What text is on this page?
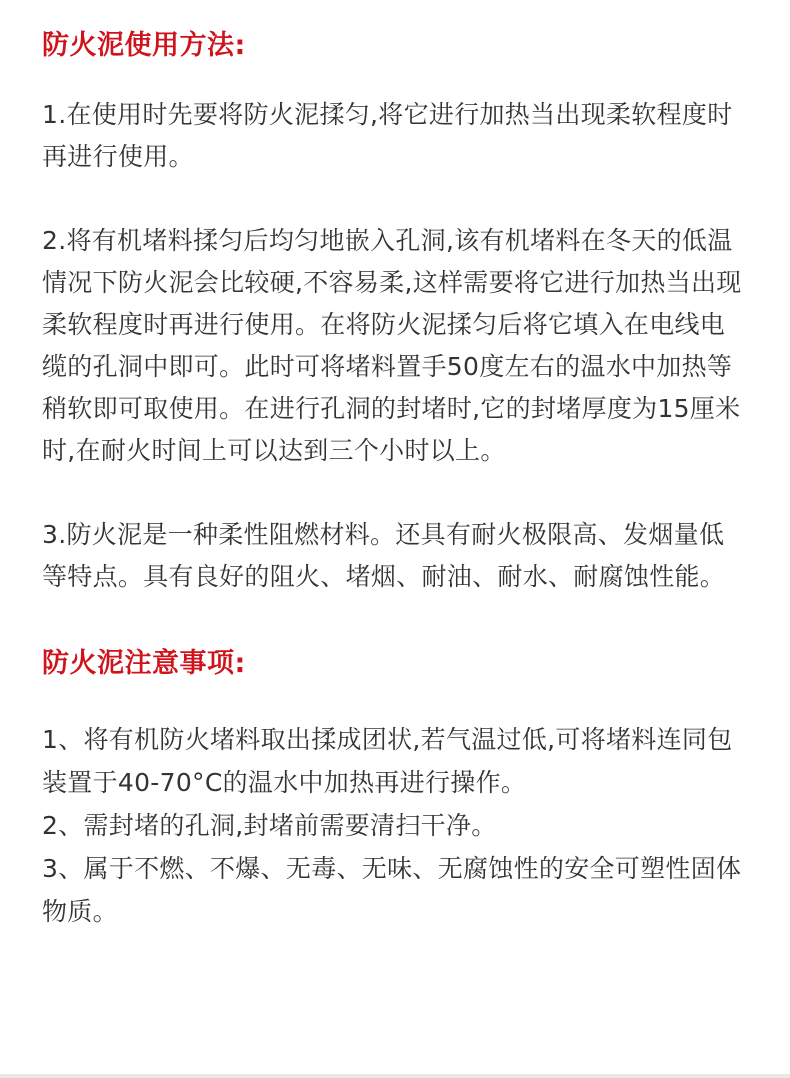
防火泥使用方法:

1.在使用时先要将防火泥揉匀,将它进行加热当出现柔软程度时再进行使用。

2.将有机堵料揉匀后均匀地嵌入孔洞,该有机堵料在冬天的低温情况下防火泥会比较硬,不容易柔,这样需要将它进行加热当出现柔软程度时再进行使用。在将防火泥揉匀后将它填入在电线电缆的孔洞中即可。此时可将堵料置手50度左右的温水中加热等稍软即可取使用。在进行孔洞的封堵时,它的封堵厚度为15厘米时,在耐火时间上可以达到三个小时以上。

3.防火泥是一种柔性阻燃材料。还具有耐火极限高、发烟量低等特点。具有良好的阻火、堵烟、耐油、耐水、耐腐蚀性能。

防火泥注意事项:

1、将有机防火堵料取出揉成团状,若气温过低,可将堵料连同包装置于40-70°C的温水中加热再进行操作。

2、需封堵的孔洞,封堵前需要清扫干净。

3、属于不燃、不爆、无毒、无味、无腐蚀性的安全可塑性固体物质。
